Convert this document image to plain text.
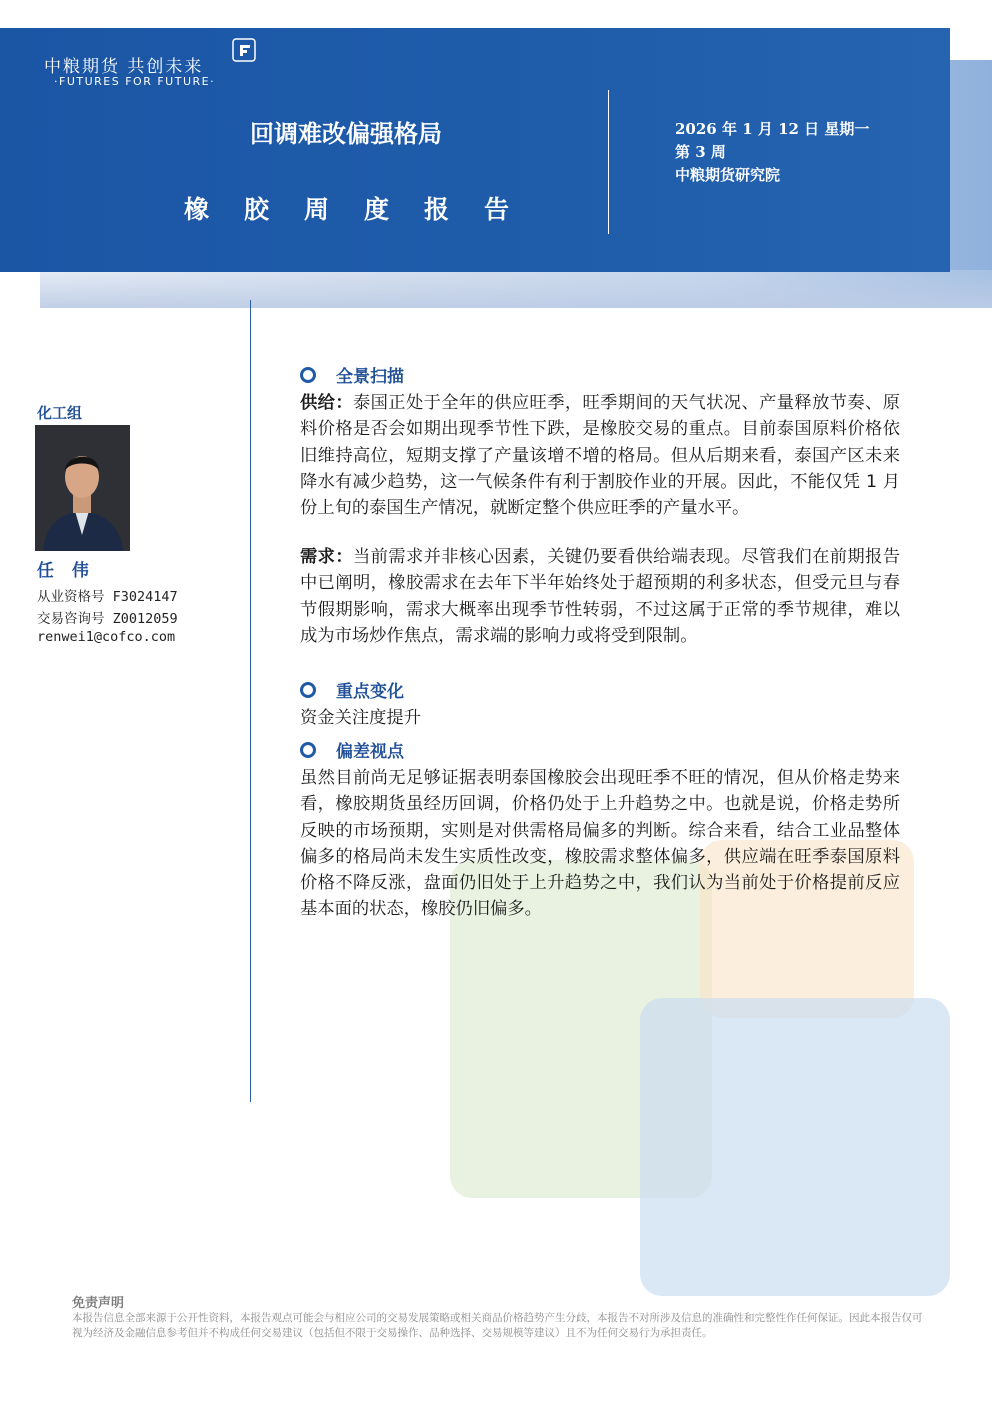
中粮期货 共创未来
·FUTURES FOR FUTURE·
回调难改偏强格局
橡胶周度报告
2026 年 1 月 12 日 星期一
第 3 周
中粮期货研究院
化工组
任 伟
从业资格号 F3024147
交易咨询号 Z0012059
renwei1@cofco.com
全景扫描
供给：泰国正处于全年的供应旺季，旺季期间的天气状况、产量释放节奏、原料价格是否会如期出现季节性下跌，是橡胶交易的重点。目前泰国原料价格依旧维持高位，短期支撑了产量该增不增的格局。但从后期来看，泰国产区未来降水有减少趋势，这一气候条件有利于割胶作业的开展。因此，不能仅凭 1 月份上旬的泰国生产情况，就断定整个供应旺季的产量水平。
需求：当前需求并非核心因素，关键仍要看供给端表现。尽管我们在前期报告中已阐明，橡胶需求在去年下半年始终处于超预期的利多状态，但受元旦与春节假期影响，需求大概率出现季节性转弱，不过这属于正常的季节规律，难以成为市场炒作焦点，需求端的影响力或将受到限制。
重点变化
资金关注度提升
偏差视点
虽然目前尚无足够证据表明泰国橡胶会出现旺季不旺的情况，但从价格走势来看，橡胶期货虽经历回调，价格仍处于上升趋势之中。也就是说，价格走势所反映的市场预期，实则是对供需格局偏多的判断。综合来看，结合工业品整体偏多的格局尚未发生实质性改变，橡胶需求整体偏多，供应端在旺季泰国原料价格不降反涨，盘面仍旧处于上升趋势之中，我们认为当前处于价格提前反应基本面的状态，橡胶仍旧偏多。
免责声明
本报告信息全部来源于公开性资料，本报告观点可能会与相应公司的交易发展策略或相关商品价格趋势产生分歧，本报告不对所涉及信息的准确性和完整性作任何保证。因此本报告仅可视为经济及金融信息参考但并不构成任何交易建议（包括但不限于交易操作、品种选择、交易规模等建议）且不为任何交易行为承担责任。
